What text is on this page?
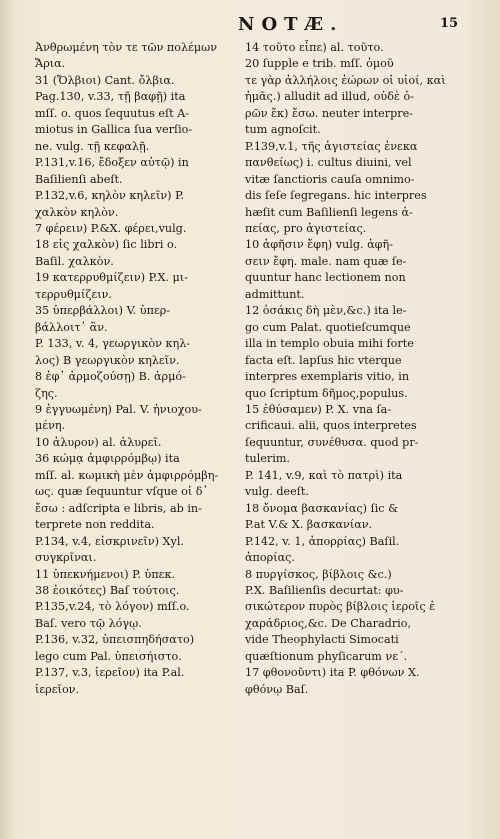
NOTÆ.	15
Ἀνθρωμένη τὸν τε τῶν πολέμων
Ἄρια.
31 (Ὄλβιοι) Cant. ὄλβια.
Pag.130, v.33, τῇ βαφῇ) ita
mſſ. o. quos ſequutus eſt A-
miotus in Gallica ſua verſio-
ne. vulg. τῇ κεφαλῇ.
P.131,v.16, ἔδοξεν αὐτῷ) in
Baſilienſi abeſt.
P.132,v.6, κηλὸν κηλεῖν) P.
χαλκὸν κηλὸν.
7 φέρειν) P.&X. φέρει,vulg.
18 εἰς χαλκὸν) ſic libri o.
Baſil. χαλκὸν.
19 κατερρυθμίζειν) P.X. μι-
τερρυθμίζειν.
35 ὑπερβάλλοι) V. ὑπερ-
βάλλοιτ᾽ ἂν.
P. 133, v. 4, γεωργικὸν κηλ-
λος) B γεωργικὸν κηλεῖν.
8 ἐφ᾽ ἁρμοζούσῃ) B. ἁρμό-
ζης.
9 ἐγγυωμένη) Pal. V. ἠνιοχου-
μένη.
10 ἀλυρον) al. ἀλυρεῖ.
36 κώμᾳ ἀμφιρρόμβῳ) ita
mſſ. al. κωμικὴ μὲν ἀμφιρρόμβη-
ως. quæ ſequuntur vſque οἱ δ᾽
ἔσω : adſcripta e libris, ab in-
terprete non reddita.
P.134, v.4, εἰσκρινεῖν) Xyl.
συγκρῖναι.
11 ὑπεκνήμενοι) P. ὑπεκ.
38 ἐοικότες) Baſ τούτοις.
P.135,v.24, τὸ λόγον) mſſ.o.
Baſ. vero τῷ λόγῳ.
P.136, v.32, ὑπεισπηδήσατο)
lego cum Pal. ὑπεισήιστο.
P.137, v.3, ἱερεῖον) ita P.al.
ἱερεῖον.
14 τοῦτο εἶπε) al. τοῦτο.
20 ſupple e trib. mſſ. ὁμοῦ
τε γὰρ ἀλλήλοις ἐώρων οἱ υἱοί, καὶ
ἡμᾶς.) alludit ad illud, οὐδὲ ὁ-
ρῶν ἔκ) ἔσω. neuter interpre-
tum agnoſcit.
P.139,v.1, τῆς ἁγιστείας ἐνεκα
πανθείως) i. cultus diuini, vel
vitæ ſanctioris cauſa omnimo-
dis ſeſe ſegregans. hic interpres
hæſit cum Baſilienſi legens ἀ-
πείας, pro ἁγιστείας.
10 ἀφῆσιν ἔφη) vulg. ἀφῆ-
σειν ἔφη. male. nam quæ ſe-
quuntur hanc lectionem non
admittunt.
12 ὁσάκις δὴ μὲν,&c.) ita le-
go cum Palat. quotieſcumque
illa in templo obuia mihi forte
facta eſt. lapſus hic vterque
interpres exemplaris vitio, in
quo ſcriptum δῆμος,populus.
15 ἐθύσαμεν) P. X. vna ſa-
crificaui. alii, quos interpretes
ſequuntur, συνέθυσα. quod pr-
tulerim.
P. 141, v.9, καὶ τὸ πατρὶ) ita
vulg. deeſt.
18 ὄνομα βασκανίας) ſic &
P.at V.& X. βασκανίαν.
P.142, v. 1, ἀπορρίας) Baſil.
ἀπορίας.
8 πυργίσκος, βίβλοις &c.)
P.X. Baſilienſis decurtat: φυ-
σικώτερον πυρὸς βίβλοις ἱεροῖς ἐ
χαράδριος,&c. De Charadrio,
vide Theophylacti Simocati
quæſtionum phyſicarum νε΄.
17 φθονοῦντι) ita P. φθόνων X.
φθόνῳ Baſ.
